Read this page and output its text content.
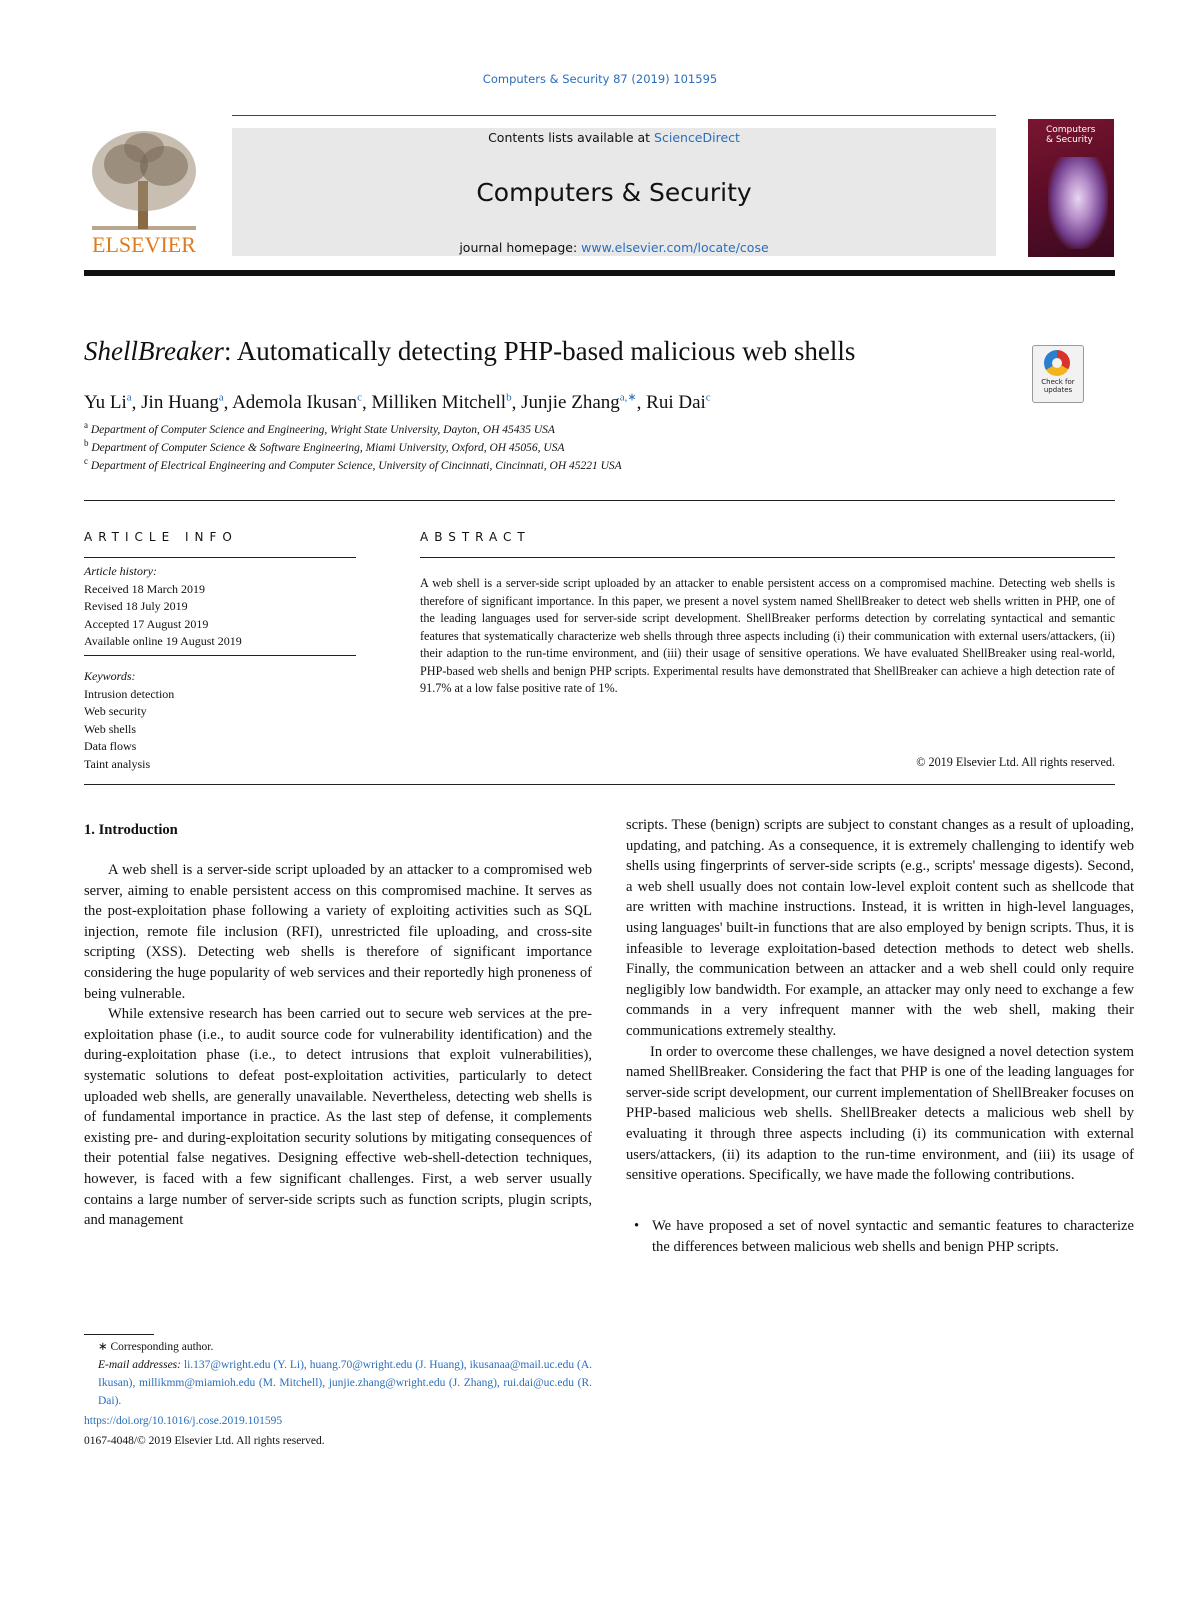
Computers & Security 87 (2019) 101595
ELSEVIER
Contents lists available at ScienceDirect
Computers & Security
journal homepage: www.elsevier.com/locate/cose
Computers
& Security
ShellBreaker: Automatically detecting PHP-based malicious web shells
Check for updates
Yu Li$^a$, Jin Huang$^a$, Ademola Ikusan$^c$, Milliken Mitchell$^b$, Junjie Zhang$^{a,∗}$, Rui Dai$^c$
$^a$ Department of Computer Science and Engineering, Wright State University, Dayton, OH 45435 USA
$^b$ Department of Computer Science & Software Engineering, Miami University, Oxford, OH 45056, USA
$^c$ Department of Electrical Engineering and Computer Science, University of Cincinnati, Cincinnati, OH 45221 USA
ARTICLE INFO	ABSTRACT
Article history:
Received 18 March 2019
Revised 18 July 2019
Accepted 17 August 2019
Available online 19 August 2019
Keywords:
Intrusion detection
Web security
Web shells
Data flows
Taint analysis
A web shell is a server-side script uploaded by an attacker to enable persistent access on a compromised machine. Detecting web shells is therefore of significant importance. In this paper, we present a novel system named ShellBreaker to detect web shells written in PHP, one of the leading languages used for server-side script development. ShellBreaker performs detection by correlating syntactical and semantic features that systematically characterize web shells through three aspects including (i) their communication with external users/attackers, (ii) their adaption to the run-time environment, and (iii) their usage of sensitive operations. We have evaluated ShellBreaker using real-world, PHP-based web shells and benign PHP scripts. Experimental results have demonstrated that ShellBreaker can achieve a high detection rate of 91.7% at a low false positive rate of 1%.
© 2019 Elsevier Ltd. All rights reserved.
1. Introduction

A web shell is a server-side script uploaded by an attacker to a compromised web server, aiming to enable persistent access on this compromised machine. It serves as the post-exploitation phase following a variety of exploiting activities such as SQL injection, remote file inclusion (RFI), unrestricted file uploading, and cross-site scripting (XSS). Detecting web shells is therefore of significant importance considering the huge popularity of web services and their reportedly high proneness of being vulnerable.

While extensive research has been carried out to secure web services at the pre-exploitation phase (i.e., to audit source code for vulnerability identification) and the during-exploitation phase (i.e., to detect intrusions that exploit vulnerabilities), systematic solutions to defeat post-exploitation activities, particularly to detect uploaded web shells, are generally unavailable. Nevertheless, detecting web shells is of fundamental importance in practice. As the last step of defense, it complements existing pre- and during-exploitation security solutions by mitigating consequences of their potential false negatives. Designing effective web-shell-detection techniques, however, is faced with a few significant challenges. First, a web server usually contains a large number of server-side scripts such as function scripts, plugin scripts, and management

scripts. These (benign) scripts are subject to constant changes as a result of uploading, updating, and patching. As a consequence, it is extremely challenging to identify web shells using fingerprints of server-side scripts (e.g., scripts' message digests). Second, a web shell usually does not contain low-level exploit content such as shellcode that are written with machine instructions. Instead, it is written in high-level languages, using languages' built-in functions that are also employed by benign scripts. Thus, it is infeasible to leverage exploitation-based detection methods to detect web shells. Finally, the communication between an attacker and a web shell could only require negligibly low bandwidth. For example, an attacker may only need to exchange a few commands in a very infrequent manner with the web shell, making their communications extremely stealthy.

In order to overcome these challenges, we have designed a novel detection system named ShellBreaker. Considering the fact that PHP is one of the leading languages for server-side script development, our current implementation of ShellBreaker focuses on PHP-based malicious web shells. ShellBreaker detects a malicious web shell by evaluating it through three aspects including (i) its communication with external users/attackers, (ii) its adaption to the run-time environment, and (iii) its usage of sensitive operations. Specifically, we have made the following contributions.

• We have proposed a set of novel syntactic and semantic features to characterize the differences between malicious web shells and benign PHP scripts.
∗ Corresponding author.
E-mail addresses: li.137@wright.edu (Y. Li), huang.70@wright.edu (J. Huang), ikusanaa@mail.uc.edu (A. Ikusan), millikmm@miamioh.edu (M. Mitchell), junjie.zhang@wright.edu (J. Zhang), rui.dai@uc.edu (R. Dai).
https://doi.org/10.1016/j.cose.2019.101595
0167-4048/© 2019 Elsevier Ltd. All rights reserved.
